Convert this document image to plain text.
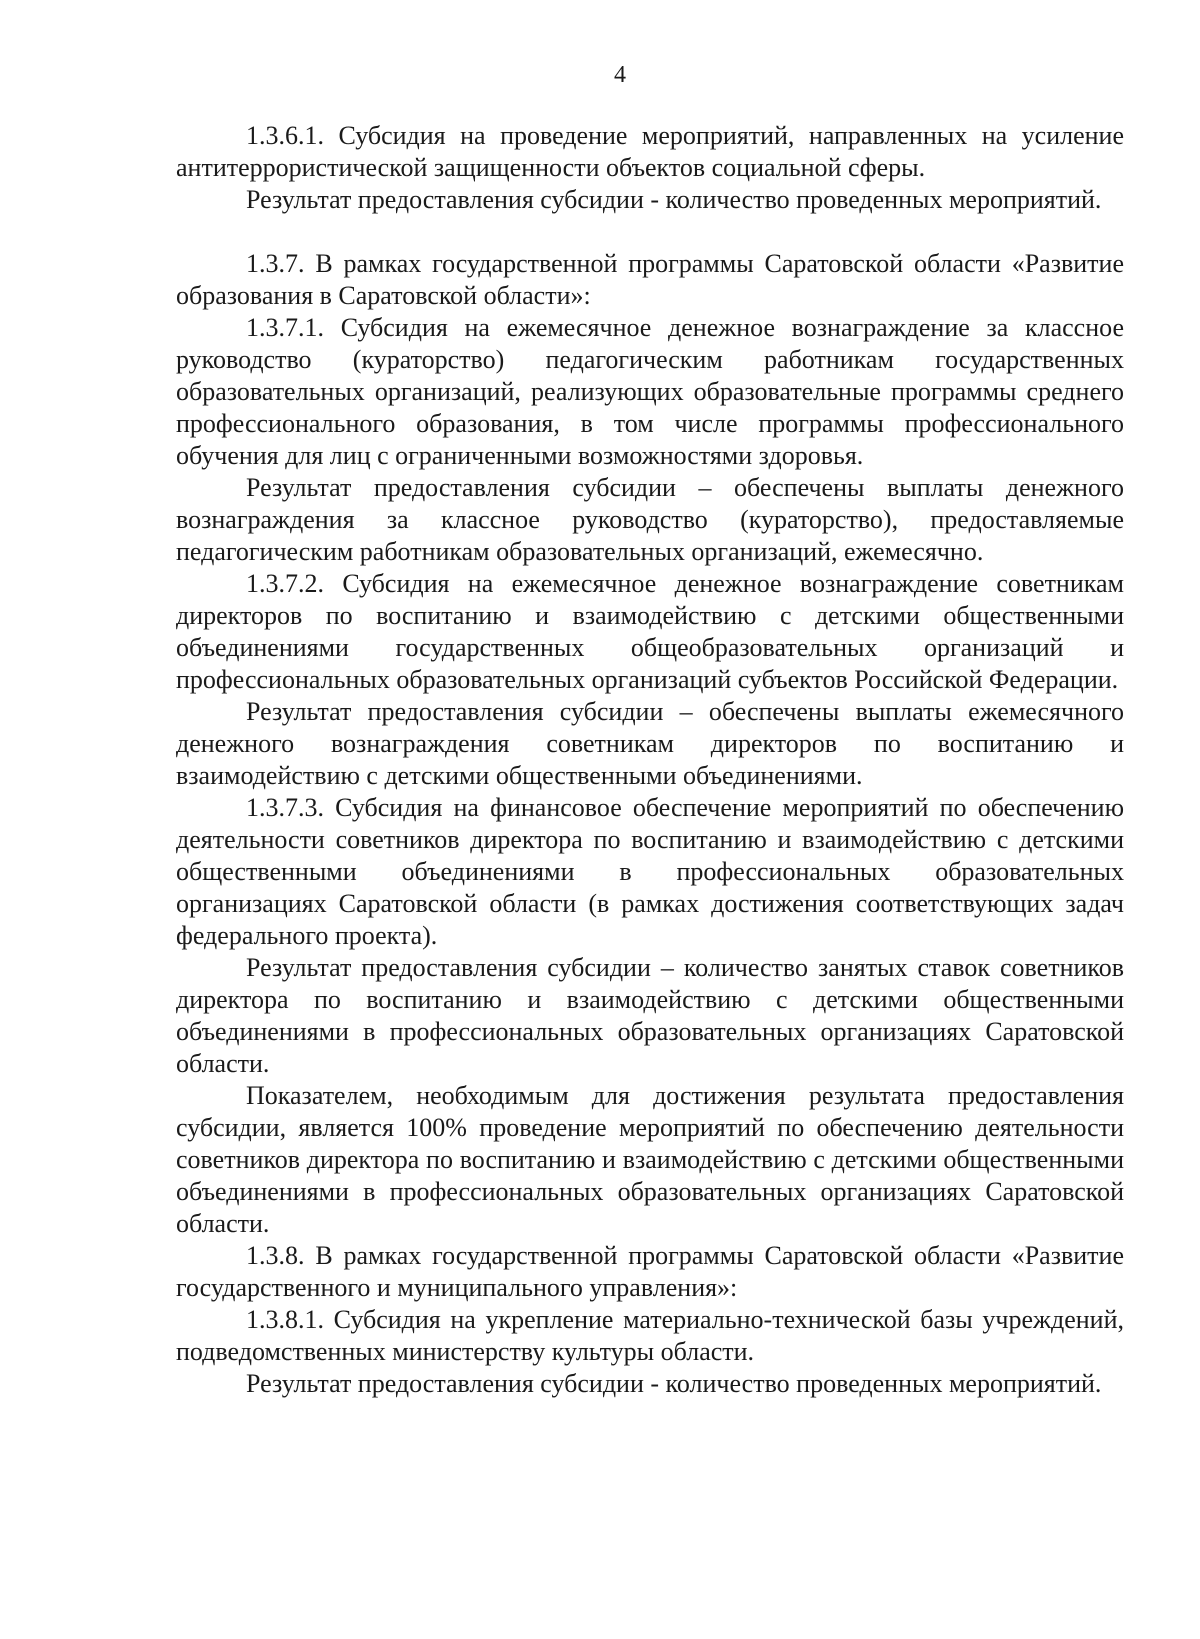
4

1.3.6.1. Субсидия на проведение мероприятий, направленных на усиление антитеррористической защищенности объектов социальной сферы.

Результат предоставления субсидии - количество проведенных мероприятий.

1.3.7. В рамках государственной программы Саратовской области «Развитие образования в Саратовской области»:

1.3.7.1. Субсидия на ежемесячное денежное вознаграждение за классное руководство (кураторство) педагогическим работникам государственных образовательных организаций, реализующих образовательные программы среднего профессионального образования, в том числе программы профессионального обучения для лиц с ограниченными возможностями здоровья.

Результат предоставления субсидии – обеспечены выплаты денежного вознаграждения за классное руководство (кураторство), предоставляемые педагогическим работникам образовательных организаций, ежемесячно.

1.3.7.2. Субсидия на ежемесячное денежное вознаграждение советникам директоров по воспитанию и взаимодействию с детскими общественными объединениями государственных общеобразовательных организаций и профессиональных образовательных организаций субъектов Российской Федерации.

Результат предоставления субсидии – обеспечены выплаты ежемесячного денежного вознаграждения советникам директоров по воспитанию и взаимодействию с детскими общественными объединениями.

1.3.7.3. Субсидия на финансовое обеспечение мероприятий по обеспечению деятельности советников директора по воспитанию и взаимодействию с детскими общественными объединениями в профессиональных образовательных организациях Саратовской области (в рамках достижения соответствующих задач федерального проекта).

Результат предоставления субсидии – количество занятых ставок советников директора по воспитанию и взаимодействию с детскими общественными объединениями в профессиональных образовательных организациях Саратовской области.

Показателем, необходимым для достижения результата предоставления субсидии, является 100% проведение мероприятий по обеспечению деятельности советников директора по воспитанию и взаимодействию с детскими общественными объединениями в профессиональных образовательных организациях Саратовской области.

1.3.8. В рамках государственной программы Саратовской области «Развитие государственного и муниципального управления»:

1.3.8.1. Субсидия на укрепление материально-технической базы учреждений, подведомственных министерству культуры области.

Результат предоставления субсидии - количество проведенных мероприятий.
